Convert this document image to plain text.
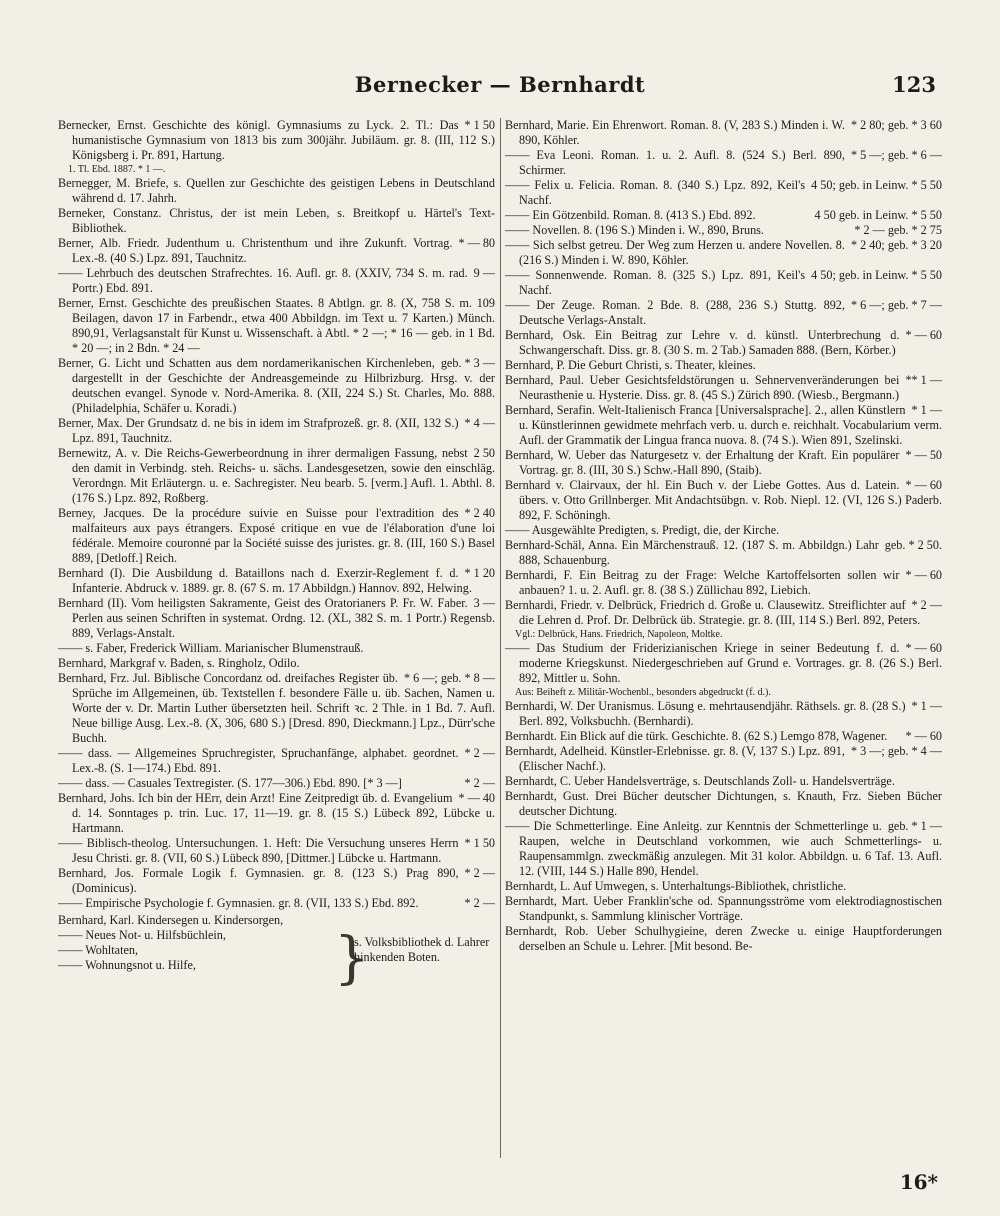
Bernecker — Bernhardt	123

* 1 50
Bernecker, Ernst. Geschichte des königl. Gymnasiums zu Lyck. 2. Tl.: Das humanistische Gymnasium von 1813 bis zum 300jähr. Jubiläum. gr. 8. (III, 112 S.) Königsberg i. Pr. 891, Hartung.

1. Tl. Ebd. 1887. * 1 —.

Bernegger, M. Briefe, s. Quellen zur Geschichte des geistigen Lebens in Deutschland während d. 17. Jahrh.

Berneker, Constanz. Christus, der ist mein Leben, s. Breitkopf u. Härtel's Text-Bibliothek.

* — 80
Berner, Alb. Friedr. Judenthum u. Christenthum und ihre Zukunft. Vortrag. Lex.-8. (40 S.) Lpz. 891, Tauchnitz.

9 —
—— Lehrbuch des deutschen Strafrechtes. 16. Aufl. gr. 8. (XXIV, 734 S. m. rad. Portr.) Ebd. 891.

Berner, Ernst. Geschichte des preußischen Staates. 8 Abtlgn. gr. 8. (X, 758 S. m. 109 Beilagen, davon 17 in Farbendr., etwa 400 Abbildgn. im Text u. 7 Karten.) Münch. 890,91, Verlagsanstalt für Kunst u. Wissenschaft. à Abtl. * 2 —; * 16 — geb. in 1 Bd. * 20 —; in 2 Bdn. * 24 —

geb. * 3 —
Berner, G. Licht und Schatten aus dem nordamerikanischen Kirchenleben, dargestellt in der Geschichte der Andreasgemeinde zu Hilbrizburg. Hrsg. v. der deutschen evangel. Synode v. Nord-Amerika. 8. (XII, 224 S.) St. Charles, Mo. 888. (Philadelphia, Schäfer u. Koradi.)

* 4 —
Berner, Max. Der Grundsatz d. ne bis in idem im Strafprozeß. gr. 8. (XII, 132 S.) Lpz. 891, Tauchnitz.

2 50
Bernewitz, A. v. Die Reichs-Gewerbeordnung in ihrer dermaligen Fassung, nebst den damit in Verbindg. steh. Reichs- u. sächs. Landesgesetzen, sowie den einschläg. Verordngn. Mit Erläutergn. u. e. Sachregister. Neu bearb. 5. [verm.] Aufl. 1. Abthl. 8. (176 S.) Lpz. 892, Roßberg.

* 2 40
Berney, Jacques. De la procédure suivie en Suisse pour l'extradition des malfaiteurs aux pays étrangers. Exposé critique en vue de l'élaboration d'une loi fédérale. Memoire couronné par la Société suisse des juristes. gr. 8. (III, 160 S.) Basel 889, [Detloff.] Reich.

* 1 20
Bernhard (I). Die Ausbildung d. Bataillons nach d. Exerzir-Reglement f. d. Infanterie. Abdruck v. 1889. gr. 8. (67 S. m. 17 Abbildgn.) Hannov. 892, Helwing.

3 —
Bernhard (II). Vom heiligsten Sakramente, Geist des Oratorianers P. Fr. W. Faber. Perlen aus seinen Schriften in systemat. Ordng. 12. (XL, 382 S. m. 1 Portr.) Regensb. 889, Verlags-Anstalt.

—— s. Faber, Frederick William. Marianischer Blumenstrauß.

Bernhard, Markgraf v. Baden, s. Ringholz, Odilo.

* 6 —; geb. * 8 —
Bernhard, Frz. Jul. Biblische Concordanz od. dreifaches Register üb. Sprüche im Allgemeinen, üb. Textstellen f. besondere Fälle u. üb. Sachen, Namen u. Worte der v. Dr. Martin Luther übersetzten heil. Schrift ꝛc. 2 Thle. in 1 Bd. 7. Aufl. Neue billige Ausg. Lex.-8. (X, 306, 680 S.) [Dresd. 890, Dieckmann.] Lpz., Dürr'sche Buchh.

* 2 —
—— dass. — Allgemeines Spruchregister, Spruchanfänge, alphabet. geordnet. Lex.-8. (S. 1—174.) Ebd. 891.

* 2 —
—— dass. — Casuales Textregister. (S. 177—306.) Ebd. 890. [* 3 —]

* — 40
Bernhard, Johs. Ich bin der HErr, dein Arzt! Eine Zeitpredigt üb. d. Evangelium d. 14. Sonntages p. trin. Luc. 17, 11—19. gr. 8. (15 S.) Lübeck 892, Lübcke u. Hartmann.

* 1 50
—— Biblisch-theolog. Untersuchungen. 1. Heft: Die Versuchung unseres Herrn Jesu Christi. gr. 8. (VII, 60 S.) Lübeck 890, [Dittmer.] Lübcke u. Hartmann.

* 2 —
Bernhard, Jos. Formale Logik f. Gymnasien. gr. 8. (123 S.) Prag 890, (Dominicus).

* 2 —
—— Empirische Psychologie f. Gymnasien. gr. 8. (VII, 133 S.) Ebd. 892.

Bernhard, Karl. Kindersegen u. Kindersorgen,

—— Neues Not- u. Hilfsbüchlein,

—— Wohltaten,

—— Wohnungsnot u. Hilfe,	}
s. Volksbibliothek d. Lahrer hinkenden Boten.

* 2 80; geb. * 3 60
Bernhard, Marie. Ein Ehrenwort. Roman. 8. (V, 283 S.) Minden i. W. 890, Köhler.

* 5 —; geb. * 6 —
—— Eva Leoni. Roman. 1. u. 2. Aufl. 8. (524 S.) Berl. 890, Schirmer.

4 50; geb. in Leinw. * 5 50
—— Felix u. Felicia. Roman. 8. (340 S.) Lpz. 892, Keil's Nachf.

4 50 geb. in Leinw. * 5 50
—— Ein Götzenbild. Roman. 8. (413 S.) Ebd. 892.

* 2 — geb. * 2 75
—— Novellen. 8. (196 S.) Minden i. W., 890, Bruns.

* 2 40; geb. * 3 20
—— Sich selbst getreu. Der Weg zum Herzen u. andere Novellen. 8. (216 S.) Minden i. W. 890, Köhler.

4 50; geb. in Leinw. * 5 50
—— Sonnenwende. Roman. 8. (325 S.) Lpz. 891, Keil's Nachf.

* 6 —; geb. * 7 —
—— Der Zeuge. Roman. 2 Bde. 8. (288, 236 S.) Stuttg. 892, Deutsche Verlags-Anstalt.

* — 60
Bernhard, Osk. Ein Beitrag zur Lehre v. d. künstl. Unterbrechung d. Schwangerschaft. Diss. gr. 8. (30 S. m. 2 Tab.) Samaden 888. (Bern, Körber.)

Bernhard, P. Die Geburt Christi, s. Theater, kleines.

** 1 —
Bernhard, Paul. Ueber Gesichtsfeldstörungen u. Sehnervenveränderungen bei Neurasthenie u. Hysterie. Diss. gr. 8. (45 S.) Zürich 890. (Wiesb., Bergmann.)

* 1 —
Bernhard, Serafin. Welt-Italienisch Franca [Universalsprache]. 2., allen Künstlern u. Künstlerinnen gewidmete mehrfach verb. u. durch e. reichhalt. Vocabularium verm. Aufl. der Grammatik der Lingua franca nuova. 8. (74 S.). Wien 891, Szelinski.

* — 50
Bernhard, W. Ueber das Naturgesetz v. der Erhaltung der Kraft. Ein populärer Vortrag. gr. 8. (III, 30 S.) Schw.-Hall 890, (Staib).

* — 60
Bernhard v. Clairvaux, der hl. Ein Buch v. der Liebe Gottes. Aus d. Latein. übers. v. Otto Grillnberger. Mit Andachtsübgn. v. Rob. Niepl. 12. (VI, 126 S.) Paderb. 892, F. Schöningh.

—— Ausgewählte Predigten, s. Predigt, die, der Kirche.

geb. * 2 50.
Bernhard-Schäl, Anna. Ein Märchenstrauß. 12. (187 S. m. Abbildgn.) Lahr 888, Schauenburg.

* — 60
Bernhardi, F. Ein Beitrag zu der Frage: Welche Kartoffelsorten sollen wir anbauen? 1. u. 2. Aufl. gr. 8. (38 S.) Züllichau 892, Liebich.

* 2 —
Bernhardi, Friedr. v. Delbrück, Friedrich d. Große u. Clausewitz. Streiflichter auf die Lehren d. Prof. Dr. Delbrück üb. Strategie. gr. 8. (III, 114 S.) Berl. 892, Peters.

Vgl.: Delbrück, Hans. Friedrich, Napoleon, Moltke.

* — 60
—— Das Studium der Friderizianischen Kriege in seiner Bedeutung f. d. moderne Kriegskunst. Niedergeschrieben auf Grund e. Vortrages. gr. 8. (26 S.) Berl. 892, Mittler u. Sohn.

Aus: Beiheft z. Militär-Wochenbl., besonders abgedruckt (f. d.).

* 1 —
Bernhardi, W. Der Uranismus. Lösung e. mehrtausendjähr. Räthsels. gr. 8. (28 S.) Berl. 892, Volksbuchh. (Bernhardi).

* — 60
Bernhardt. Ein Blick auf die türk. Geschichte. 8. (62 S.) Lemgo 878, Wagener.

* 3 —; geb. * 4 —
Bernhardt, Adelheid. Künstler-Erlebnisse. gr. 8. (V, 137 S.) Lpz. 891, (Elischer Nachf.).

Bernhardt, C. Ueber Handelsverträge, s. Deutschlands Zoll- u. Handelsverträge.

Bernhardt, Gust. Drei Bücher deutscher Dichtungen, s. Knauth, Frz. Sieben Bücher deutscher Dichtung.

geb. * 1 —
—— Die Schmetterlinge. Eine Anleitg. zur Kenntnis der Schmetterlinge u. Raupen, welche in Deutschland vorkommen, wie auch Schmetterlings- u. Raupensammlgn. zweckmäßig anzulegen. Mit 31 kolor. Abbildgn. u. 6 Taf. 13. Aufl. 12. (VIII, 144 S.) Halle 890, Hendel.

Bernhardt, L. Auf Umwegen, s. Unterhaltungs-Bibliothek, christliche.

Bernhardt, Mart. Ueber Franklin'sche od. Spannungsströme vom elektrodiagnostischen Standpunkt, s. Sammlung klinischer Vorträge.

Bernhardt, Rob. Ueber Schulhygieine, deren Zwecke u. einige Hauptforderungen derselben an Schule u. Lehrer. [Mit besond. Be-

16*
